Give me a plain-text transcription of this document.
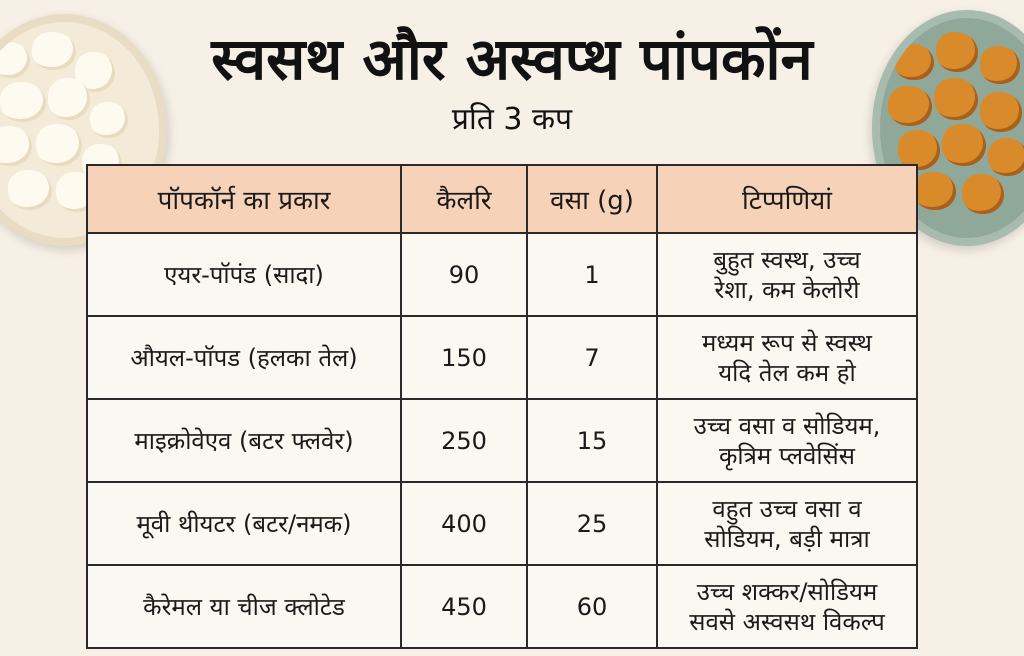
स्वसथ और अस्वप्थ पांपकोंन
प्रति 3 कप
पॉपकॉर्न का प्रकार	कैलरि	वसा (g)	टिप्पणियां
एयर-पॉपंड (सादा)	90	1	बुहुत स्वस्थ, उच्च
रेशा, कम केलोरी

औयल-पॉपड (हलका तेल)	150	7	मध्यम रूप से स्वस्थ
यदि तेल कम हो

माइक्रोवेएव (बटर फ्लवेर)	250	15	उच्च वसा व सोडियम,
कृत्रिम प्लवेसिंस

मूवी थीयटर (बटर/नमक)	400	25	वहुत उच्च वसा व
सोडियम, बड़ी मात्रा

कैरेमल या चीज क्लोटेड	450	60	उच्च शक्कर/सोडियम
सवसे अस्वसथ विकल्प
